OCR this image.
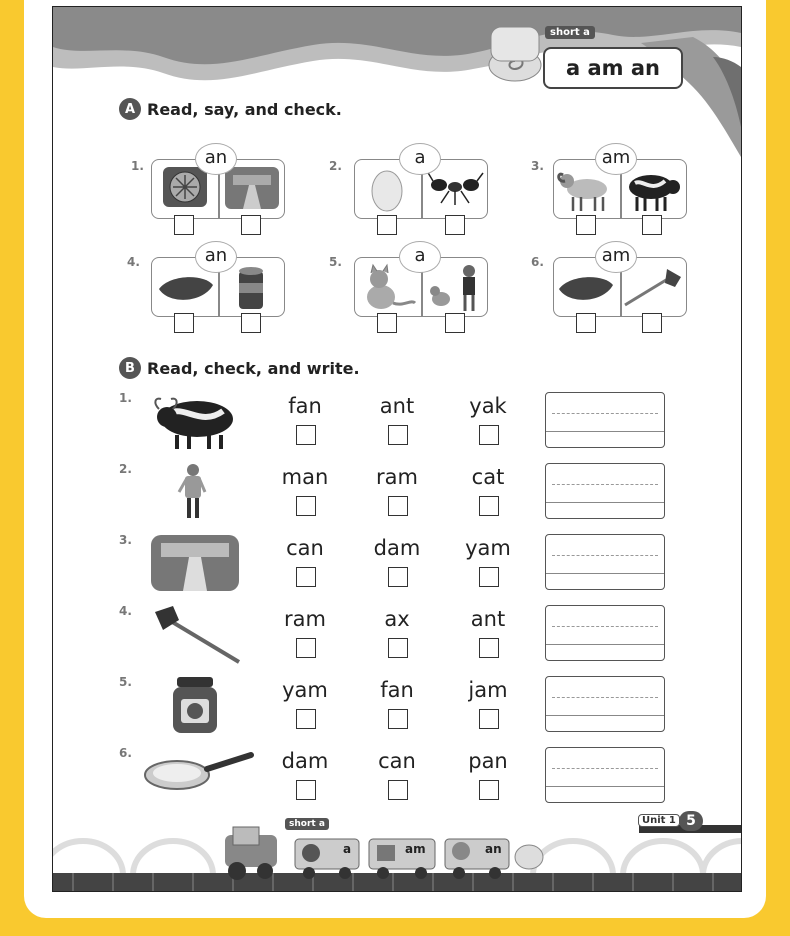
short a
a am an
A Read, say, and check.
1.	an	2.	a	3.	am
4.	an	5.	a	6.	am
B Read, check, and write.
1.	fan	ant	yak
2.	man	ram	cat
3.	can	dam	yam
4.	ram	ax	ant
5.	yam	fan	jam
6.	dam	can	pan
short a
a	am	an
Unit 1 5
